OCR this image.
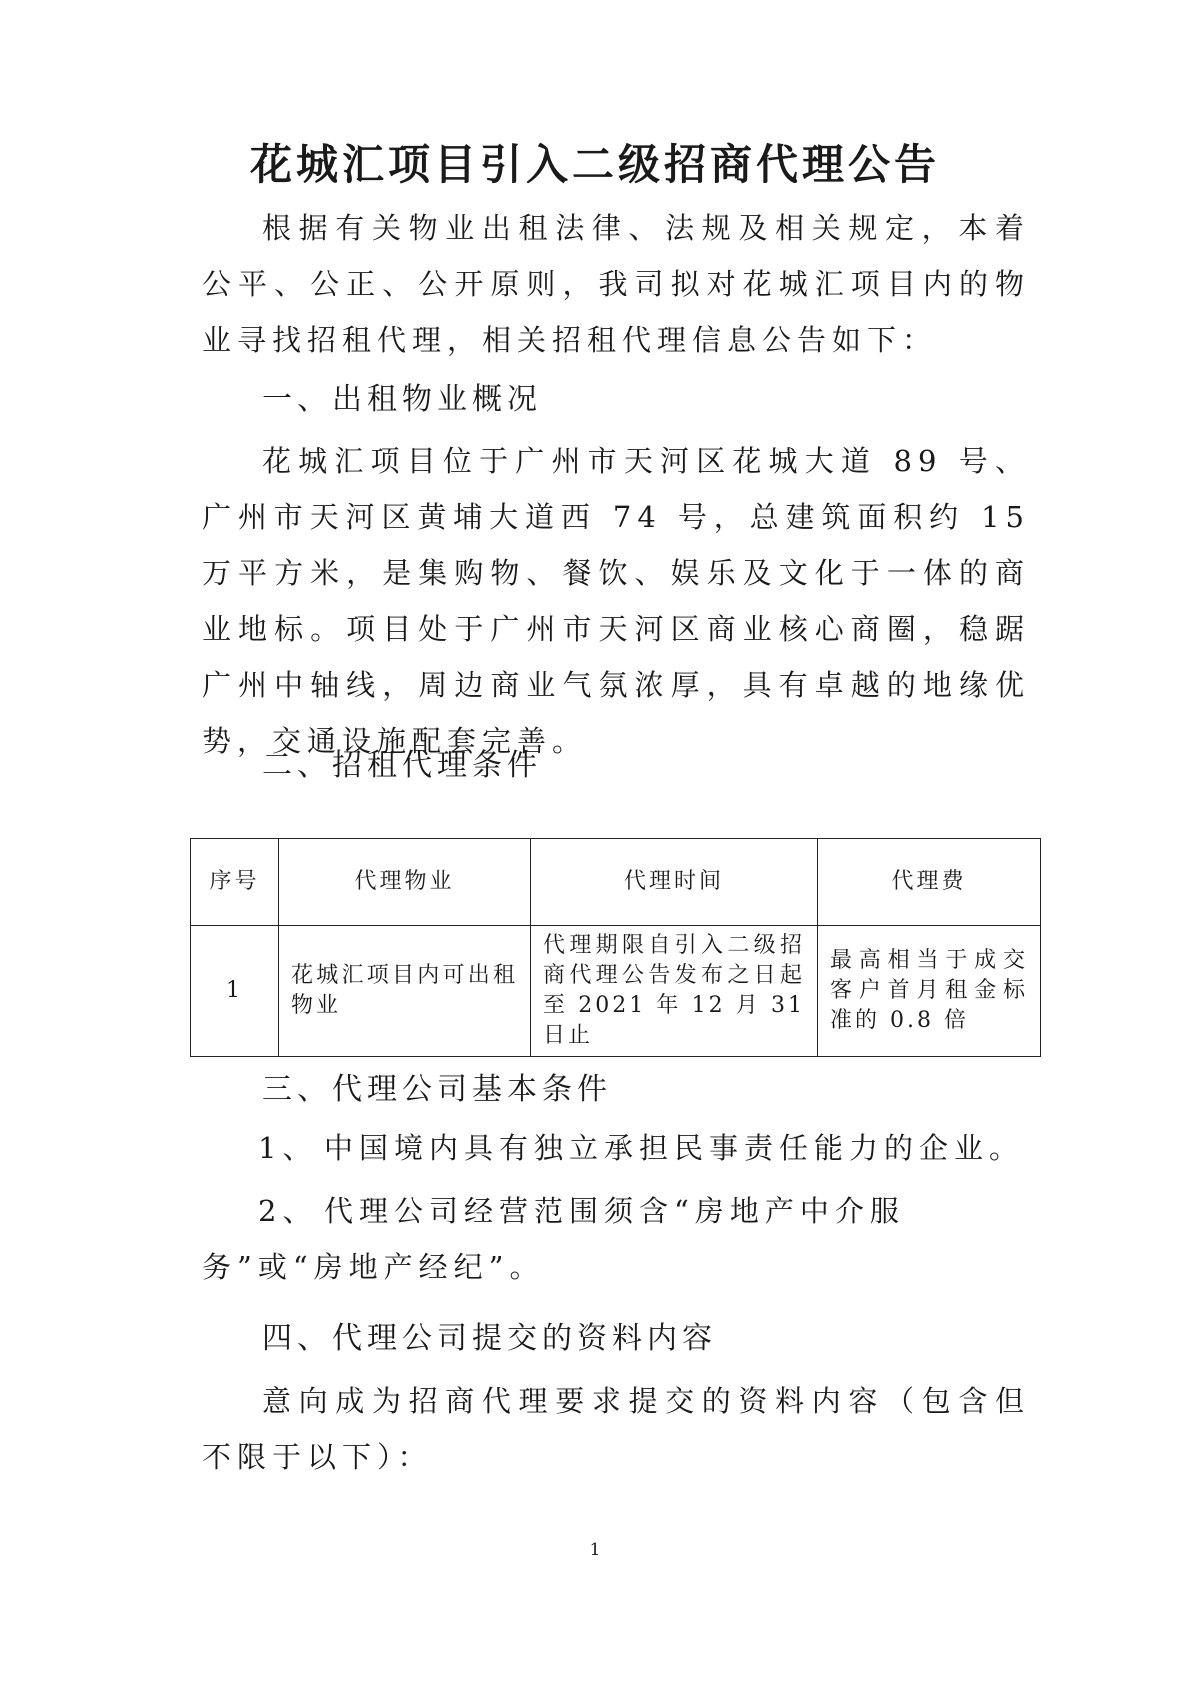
花城汇项目引入二级招商代理公告
根据有关物业出租法律、法规及相关规定，本着公平、公正、公开原则，我司拟对花城汇项目内的物业寻找招租代理，相关招租代理信息公告如下：
一、出租物业概况
花城汇项目位于广州市天河区花城大道 89 号、广州市天河区黄埔大道西 74 号，总建筑面积约 15 万平方米，是集购物、餐饮、娱乐及文化于一体的商业地标。项目处于广州市天河区商业核心商圈，稳踞广州中轴线，周边商业气氛浓厚，具有卓越的地缘优势，交通设施配套完善。
二、招租代理条件
序号	代理物业	代理时间	代理费
1	花城汇项目内可出租物业	代理期限自引入二级招商代理公告发布之日起至 2021 年 12 月 31 日止	最高相当于成交客户首月租金标准的 0.8 倍
三、代理公司基本条件
1、 中国境内具有独立承担民事责任能力的企业。
2、 代理公司经营范围须含“房地产中介服务”或“房地产经纪”。
四、代理公司提交的资料内容
意向成为招商代理要求提交的资料内容（包含但不限于以下）：
1
